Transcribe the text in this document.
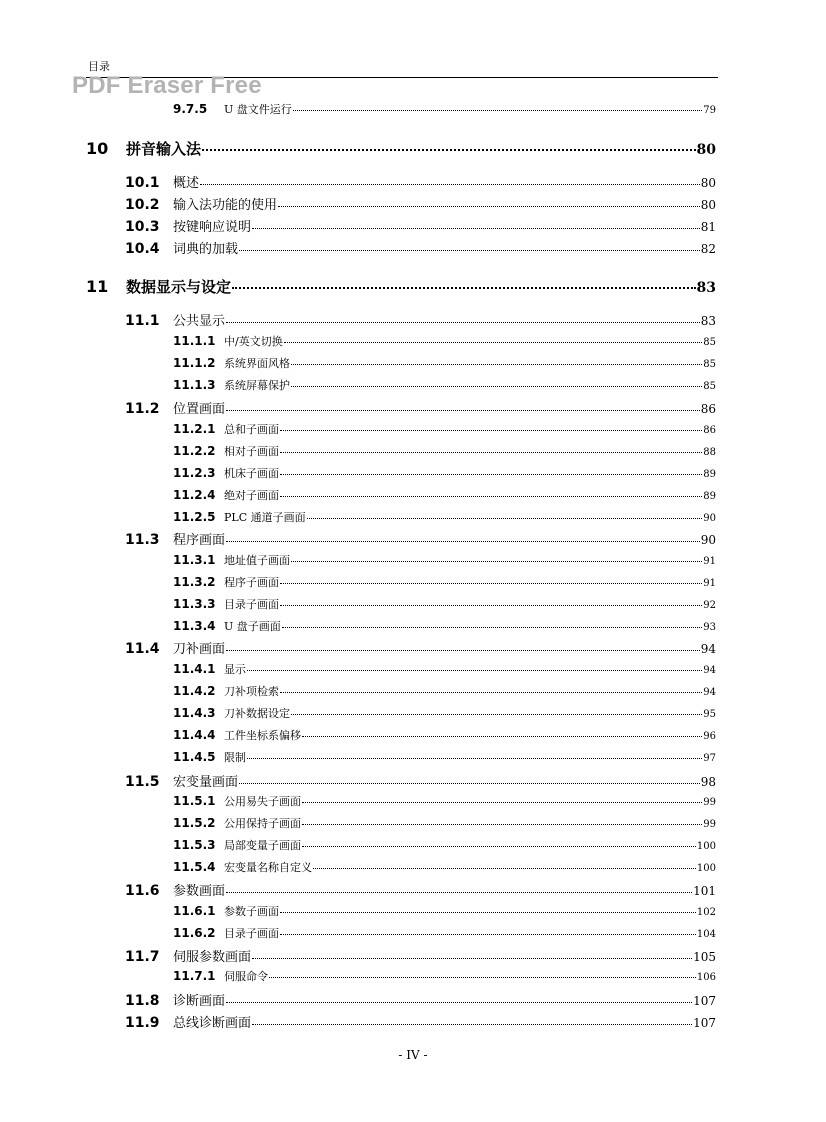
目录
PDF Eraser Free
9.7.5	U 盘文件运行	79
10	拼音输入法	80
10.1	概述	80
10.2	输入法功能的使用	80
10.3	按键响应说明	81
10.4	词典的加载	82
11	数据显示与设定	83
11.1	公共显示	83
11.1.1 中/英文切换	85
11.1.2 系统界面风格	85
11.1.3 系统屏幕保护	85
11.2	位置画面	86
11.2.1 总和子画面	86
11.2.2 相对子画面	88
11.2.3 机床子画面	89
11.2.4 绝对子画面	89
11.2.5 PLC 通道子画面	90
11.3	程序画面	90
11.3.1 地址值子画面	91
11.3.2 程序子画面	91
11.3.3 目录子画面	92
11.3.4 U 盘子画面	93
11.4	刀补画面	94
11.4.1 显示	94
11.4.2 刀补项检索	94
11.4.3 刀补数据设定	95
11.4.4 工件坐标系偏移	96
11.4.5 限制	97
11.5	宏变量画面	98
11.5.1 公用易失子画面	99
11.5.2 公用保持子画面	99
11.5.3 局部变量子画面	100
11.5.4 宏变量名称自定义	100
11.6	参数画面	101
11.6.1 参数子画面	102
11.6.2 目录子画面	104
11.7	伺服参数画面	105
11.7.1 伺服命令	106
11.8	诊断画面	107
11.9	总线诊断画面	107
- IV -
